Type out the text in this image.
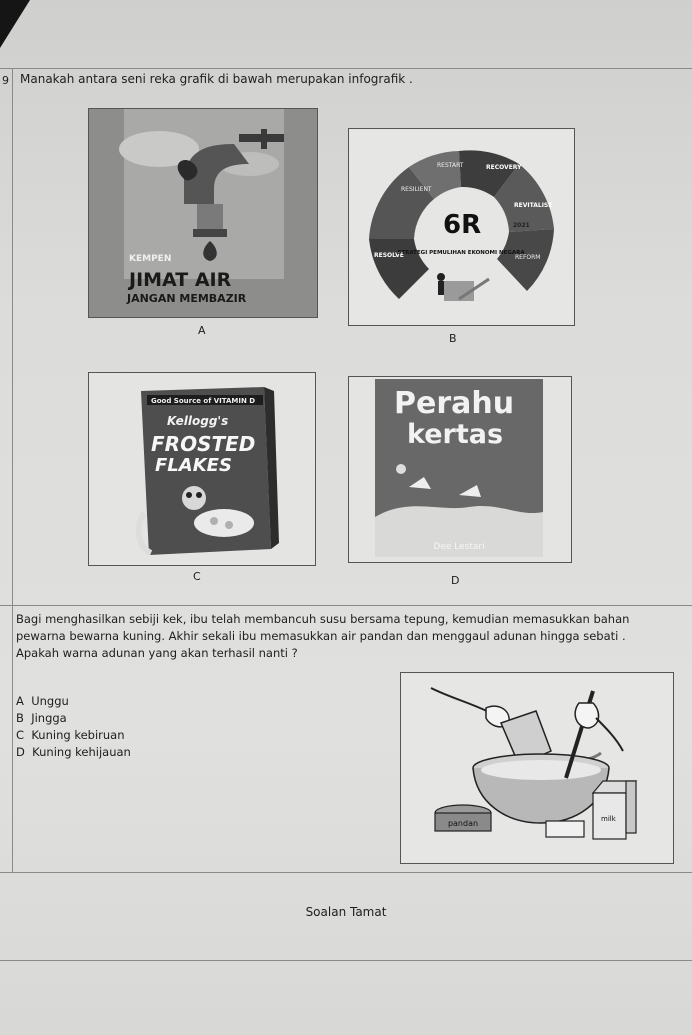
9 Manakah antara seni reka grafik di bawah merupakan infografik .
KEMPEN
JIMAT AIR
JANGAN MEMBAZIR
A
RESILIENT
RESTART	RECOVERY
REVITALISE
REFORM
RESOLVE
2021
6R
STRATEGI PEMULIHAN EKONOMI NEGARA
B
Good Source of VITAMIN D
Kellogg's
FROSTED
FLAKES
C
Perahu
kertas
Dee Lestari
D
Bagi menghasilkan sebiji kek, ibu telah membancuh susu bersama tepung, kemudian memasukkan bahan pewarna bewarna kuning. Akhir sekali ibu memasukkan air pandan dan menggaul adunan hingga sebati .
Apakah warna adunan yang akan terhasil nanti ?
A Unggu
B Jingga
C Kuning kebiruan
D Kuning kehijauan
pandan	milk
Soalan Tamat
